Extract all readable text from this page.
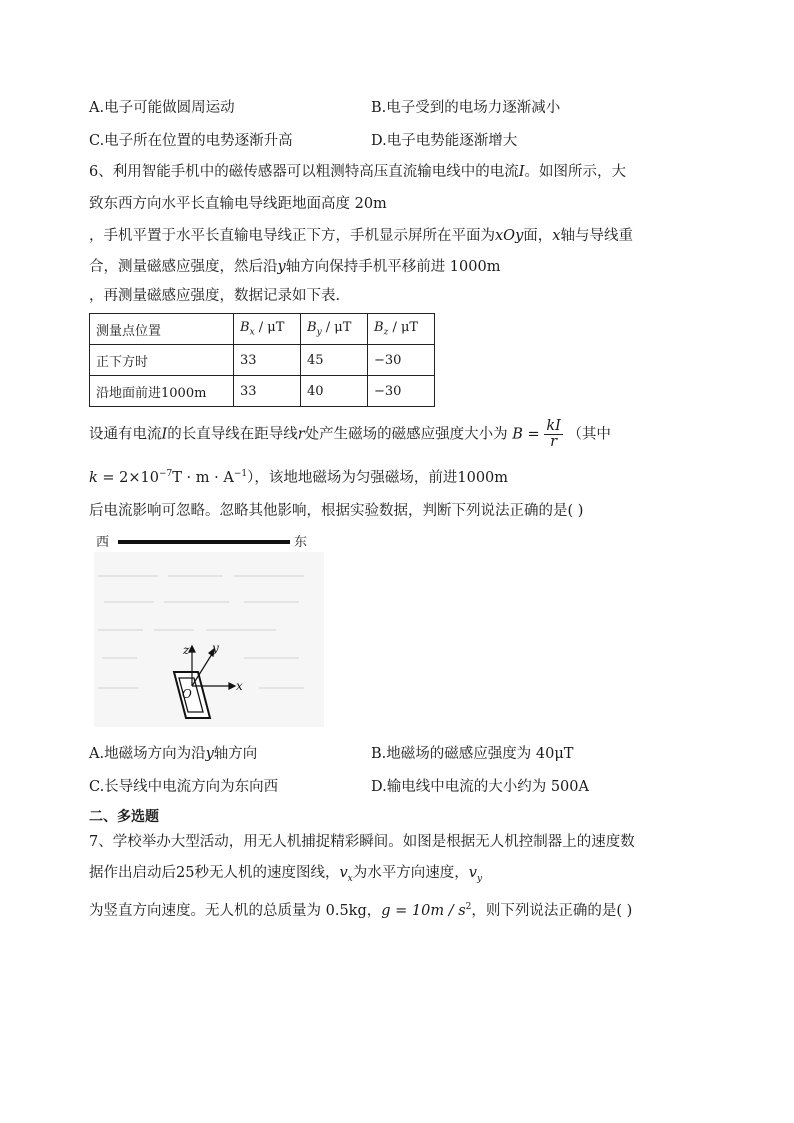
A.电子可能做圆周运动	B.电子受到的电场力逐渐减小
C.电子所在位置的电势逐渐升高	D.电子电势能逐渐增大
6、利用智能手机中的磁传感器可以粗测特高压直流输电线中的电流I。如图所示，大
致东西方向水平长直输电导线距地面高度 20m
，手机平置于水平长直输电导线正下方，手机显示屏所在平面为xOy面，x轴与导线重
合，测量磁感应强度，然后沿y轴方向保持手机平移前进 1000m
，再测量磁感应强度，数据记录如下表.
测量点位置	$B_x$ / μT	$B_y$ / μT	$B_z$ / μT
正下方时	33	45	−30
沿地面前进1000m	33	40	−30
设通有电流I的长直导线在距导线r处产生磁场的磁感应强度大小为 $B = \frac{kI}{r}$ （其中
$k = 2\times 10^{-7}T \cdot m \cdot A^{-1}$），该地地磁场为匀强磁场，前进1000m
后电流影响可忽略。忽略其他影响，根据实验数据，判断下列说法正确的是( )
西	东
z y
x
O
A.地磁场方向为沿y轴方向	B.地磁场的磁感应强度为 40μT
C.长导线中电流方向为东向西	D.输电线中电流的大小约为 500A
二、多选题
7、学校举办大型活动，用无人机捕捉精彩瞬间。如图是根据无人机控制器上的速度数
据作出启动后25秒无人机的速度图线，$v_x$为水平方向速度，$v_y$
为竖直方向速度。无人机的总质量为 0.5kg，$g = 10m / s^2$，则下列说法正确的是( )
